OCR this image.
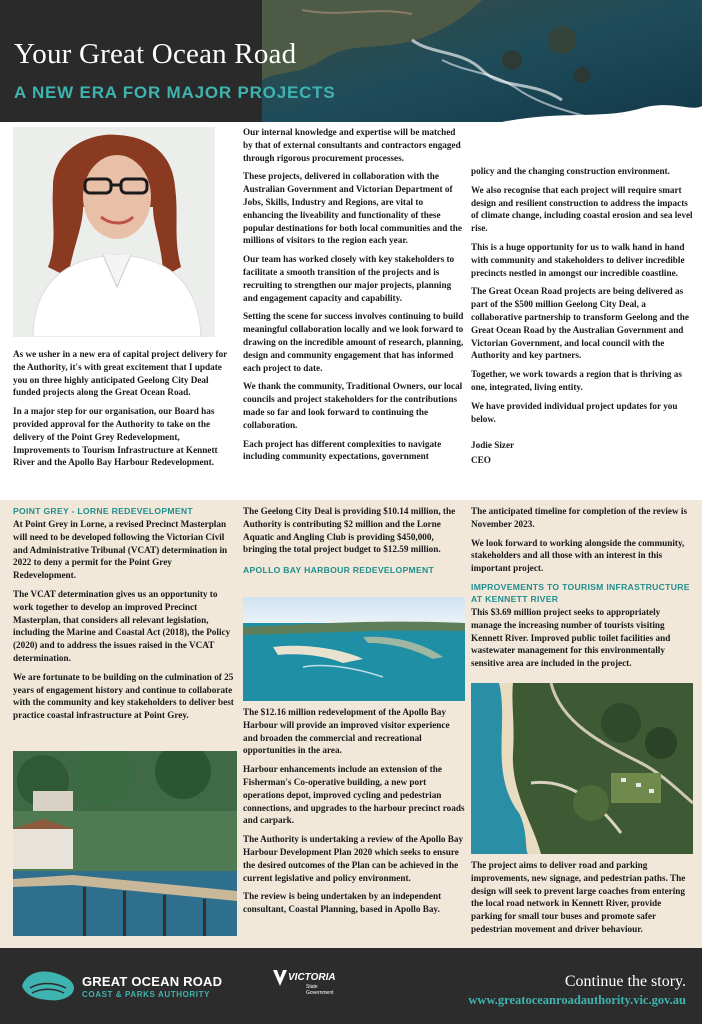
Your Great Ocean Road
A NEW ERA FOR MAJOR PROJECTS

As we usher in a new era of capital project delivery for the Authority, it's with great excitement that I update you on three highly anticipated Geelong City Deal funded projects along the Great Ocean Road.

In a major step for our organisation, our Board has provided approval for the Authority to take on the delivery of the Point Grey Redevelopment, Improvements to Tourism Infrastructure at Kennett River and the Apollo Bay Harbour Redevelopment.

Our internal knowledge and expertise will be matched by that of external consultants and contractors engaged through rigorous procurement processes.

These projects, delivered in collaboration with the Australian Government and Victorian Department of Jobs, Skills, Industry and Regions, are vital to enhancing the liveability and functionality of these popular destinations for both local communities and the millions of visitors to the region each year.

Our team has worked closely with key stakeholders to facilitate a smooth transition of the projects and is recruiting to strengthen our major projects, planning and engagement capacity and capability.

Setting the scene for success involves continuing to build meaningful collaboration locally and we look forward to drawing on the incredible amount of research, planning, design and community engagement that has informed each project to date.

We thank the community, Traditional Owners, our local councils and project stakeholders for the contributions made so far and look forward to continuing the collaboration.

Each project has different complexities to navigate including community expectations, government

policy and the changing construction environment.

We also recognise that each project will require smart design and resilient construction to address the impacts of climate change, including coastal erosion and sea level rise.

This is a huge opportunity for us to walk hand in hand with community and stakeholders to deliver incredible precincts nestled in amongst our incredible coastline.

The Great Ocean Road projects are being delivered as part of the $500 million Geelong City Deal, a collaborative partnership to transform Geelong and the Great Ocean Road by the Australian Government and Victorian Government, and local council with the Authority and key partners.

Together, we work towards a region that is thriving as one, integrated, living entity.

We have provided individual project updates for you below.

Jodie Sizer

CEO

POINT GREY - LORNE REDEVELOPMENT

At Point Grey in Lorne, a revised Precinct Masterplan will need to be developed following the Victorian Civil and Administrative Tribunal (VCAT) determination in 2022 to deny a permit for the Point Grey Redevelopment.

The VCAT determination gives us an opportunity to work together to develop an improved Precinct Masterplan, that considers all relevant legislation, including the Marine and Coastal Act (2018), the Policy (2020) and to address the issues raised in the VCAT determination.

We are fortunate to be building on the culmination of 25 years of engagement history and continue to collaborate with the community and key stakeholders to deliver best practice coastal infrastructure at Point Grey.

The Geelong City Deal is providing $10.14 million, the Authority is contributing $2 million and the Lorne Aquatic and Angling Club is providing $450,000, bringing the total project budget to $12.59 million.

APOLLO BAY HARBOUR REDEVELOPMENT

The $12.16 million redevelopment of the Apollo Bay Harbour will provide an improved visitor experience and broaden the commercial and recreational opportunities in the area.

Harbour enhancements include an extension of the Fisherman's Co-operative building, a new port operations depot, improved cycling and pedestrian connections, and upgrades to the harbour precinct roads and carpark.

The Authority is undertaking a review of the Apollo Bay Harbour Development Plan 2020 which seeks to ensure the desired outcomes of the Plan can be achieved in the current legislative and policy environment.

The review is being undertaken by an independent consultant, Coastal Planning, based in Apollo Bay.

The anticipated timeline for completion of the review is November 2023.

We look forward to working alongside the community, stakeholders and all those with an interest in this important project.

IMPROVEMENTS TO TOURISM INFRASTRUCTURE
AT KENNETT RIVER

This $3.69 million project seeks to appropriately manage the increasing number of tourists visiting Kennett River. Improved public toilet facilities and wastewater management for this environmentally sensitive area are included in the project.

The project aims to deliver road and parking improvements, new signage, and pedestrian paths. The design will seek to prevent large coaches from entering the local road network in Kennett River, provide parking for small tour buses and promote safer pedestrian movement and driver behaviour.

GREAT OCEAN ROAD
COAST & PARKS AUTHORITY
VICTORIA
State Government
Continue the story.
www.greatoceanroadauthority.vic.gov.au
